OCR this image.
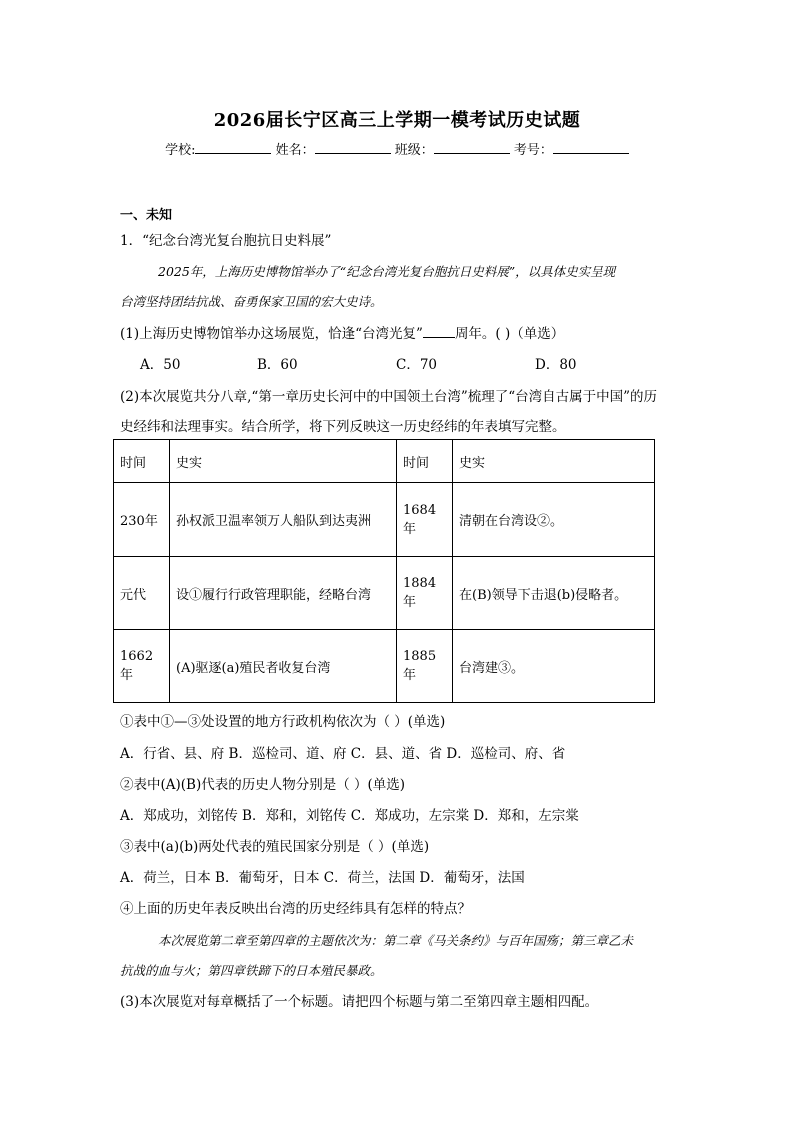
2026届长宁区高三上学期一模考试历史试题
学校:	姓名：	班级：	考号：
一、未知
1．“纪念台湾光复台胞抗日史料展”
2025年，上海历史博物馆举办了“纪念台湾光复台胞抗日史料展”，以具体史实呈现
台湾坚持团结抗战、奋勇保家卫国的宏大史诗。
(1)上海历史博物馆举办这场展览，恰逢“台湾光复” 周年。( )（单选）
A．50	B．60	C．70	D．80
(2)本次展览共分八章,“第一章历史长河中的中国领土台湾”梳理了“台湾自古属于中国”的历
史经纬和法理事实。结合所学，将下列反映这一历史经纬的年表填写完整。
时间	史实	时间	史实
230年	孙权派卫温率领万人船队到达夷洲	1684年	清朝在台湾设②。
元代	设①履行行政管理职能，经略台湾	1884年	在(B)领导下击退(b)侵略者。
1662年	(A)驱逐(a)殖民者收复台湾	1885年	台湾建③。
①表中①—③处设置的地方行政机构依次为（ ）(单选)
A．行省、县、府 B．巡检司、道、府 C．县、道、省 D．巡检司、府、省
②表中(A)(B)代表的历史人物分别是（ ）(单选)
A．郑成功，刘铭传 B．郑和，刘铭传 C．郑成功，左宗棠 D．郑和，左宗棠
③表中(a)(b)两处代表的殖民国家分别是（ ）(单选)
A．荷兰，日本 B．葡萄牙，日本 C．荷兰，法国 D．葡萄牙，法国
④上面的历史年表反映出台湾的历史经纬具有怎样的特点？
本次展览第二章至第四章的主题依次为：第二章《马关条约》与百年国殇；第三章乙未
抗战的血与火；第四章铁蹄下的日本殖民暴政。
(3)本次展览对每章概括了一个标题。请把四个标题与第二至第四章主题相四配。
